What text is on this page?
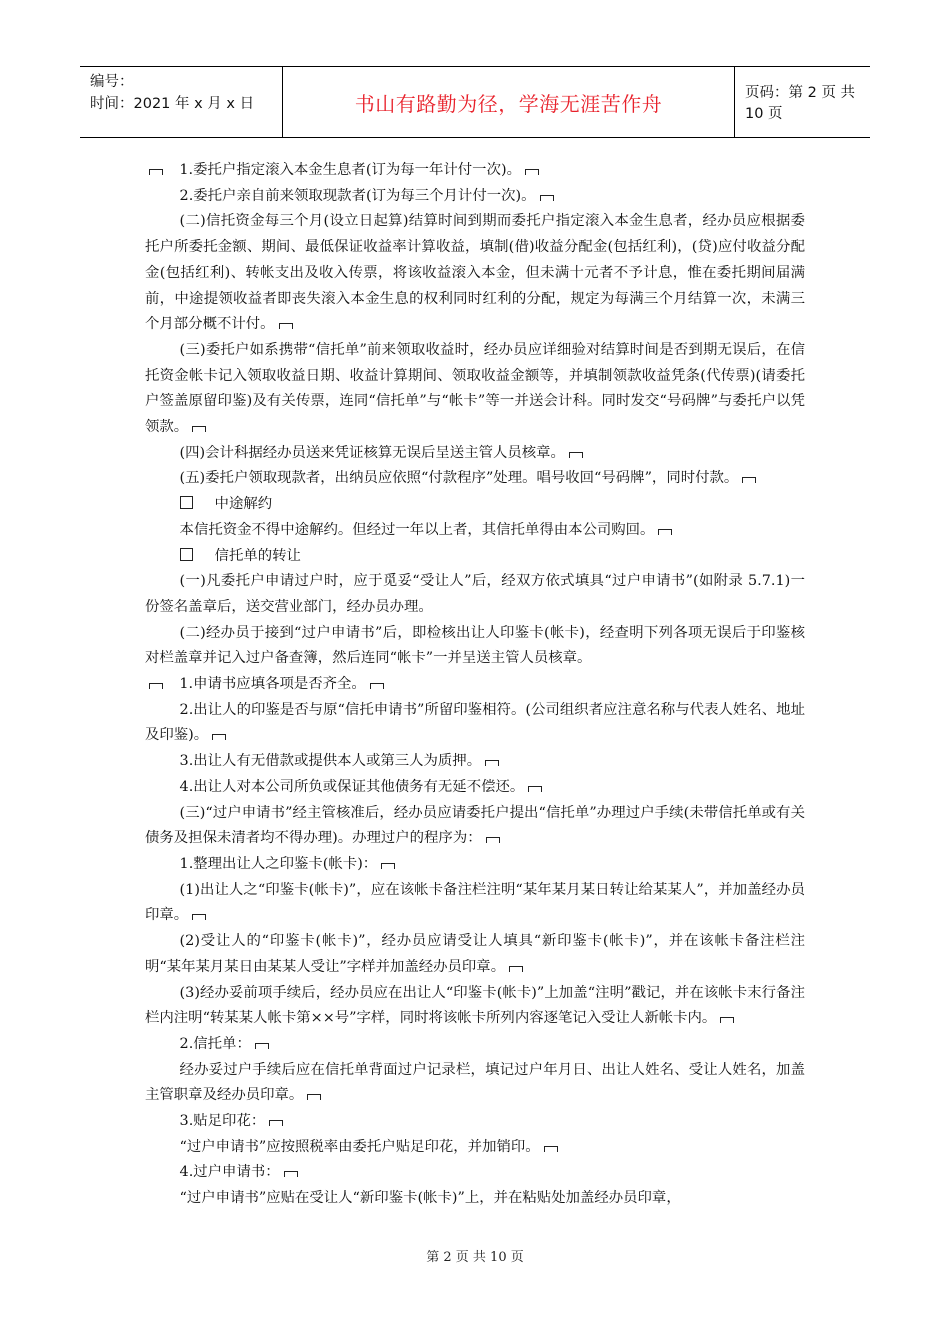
编号：
时间：2021 年 x 月 x 日	书山有路勤为径，学海无涯苦作舟	页码：第 2 页 共 10 页

　1.委托户指定滚入本金生息者(订为每一年计付一次)。

2.委托户亲自前来领取现款者(订为每三个月计付一次)。

(二)信托资金每三个月(设立日起算)结算时间到期而委托户指定滚入本金生息者，经办员应根据委托户所委托金额、期间、最低保证收益率计算收益，填制(借)收益分配金(包括红利)，(贷)应付收益分配金(包括红利)、转帐支出及收入传票，将该收益滚入本金，但未满十元者不予计息，惟在委托期间届满前，中途提领收益者即丧失滚入本金生息的权利同时红利的分配，规定为每满三个月结算一次，未满三个月部分概不计付。

(三)委托户如系携带“信托单”前来领取收益时，经办员应详细验对结算时间是否到期无误后，在信托资金帐卡记入领取收益日期、收益计算期间、领取收益金额等，并填制领款收益凭条(代传票)(请委托户签盖原留印鉴)及有关传票，连同“信托单”与“帐卡”等一并送会计科。同时发交“号码牌”与委托户以凭领款。

(四)会计科据经办员送来凭证核算无误后呈送主管人员核章。

(五)委托户领取现款者，出纳员应依照“付款程序”处理。唱号收回“号码牌”，同时付款。

中途解约

本信托资金不得中途解约。但经过一年以上者，其信托单得由本公司购回。

信托单的转让

(一)凡委托户申请过户时，应于觅妥“受让人”后，经双方依式填具“过户申请书”(如附录 5.7.1)一份签名盖章后，送交营业部门，经办员办理。

(二)经办员于接到“过户申请书”后，即检核出让人印鉴卡(帐卡)，经查明下列各项无误后于印鉴核对栏盖章并记入过户备查簿，然后连同“帐卡”一并呈送主管人员核章。

　1.申请书应填各项是否齐全。

2.出让人的印鉴是否与原“信托申请书”所留印鉴相符。(公司组织者应注意名称与代表人姓名、地址及印鉴)。

3.出让人有无借款或提供本人或第三人为质押。

4.出让人对本公司所负或保证其他债务有无延不偿还。

(三)“过户申请书”经主管核准后，经办员应请委托户提出“信托单”办理过户手续(未带信托单或有关债务及担保未清者均不得办理)。办理过户的程序为：

1.整理出让人之印鉴卡(帐卡)：

(1)出让人之“印鉴卡(帐卡)”，应在该帐卡备注栏注明“某年某月某日转让给某某人”，并加盖经办员印章。

(2)受让人的“印鉴卡(帐卡)”，经办员应请受让人填具“新印鉴卡(帐卡)”，并在该帐卡备注栏注明“某年某月某日由某某人受让”字样并加盖经办员印章。

(3)经办妥前项手续后，经办员应在出让人“印鉴卡(帐卡)”上加盖“注明”戳记，并在该帐卡末行备注栏内注明“转某某人帐卡第××号”字样，同时将该帐卡所列内容逐笔记入受让人新帐卡内。

2.信托单：

经办妥过户手续后应在信托单背面过户记录栏，填记过户年月日、出让人姓名、受让人姓名，加盖主管职章及经办员印章。

3.贴足印花：

“过户申请书”应按照税率由委托户贴足印花，并加销印。

4.过户申请书：

“过户申请书”应贴在受让人“新印鉴卡(帐卡)”上，并在粘贴处加盖经办员印章，

第 2 页 共 10 页
